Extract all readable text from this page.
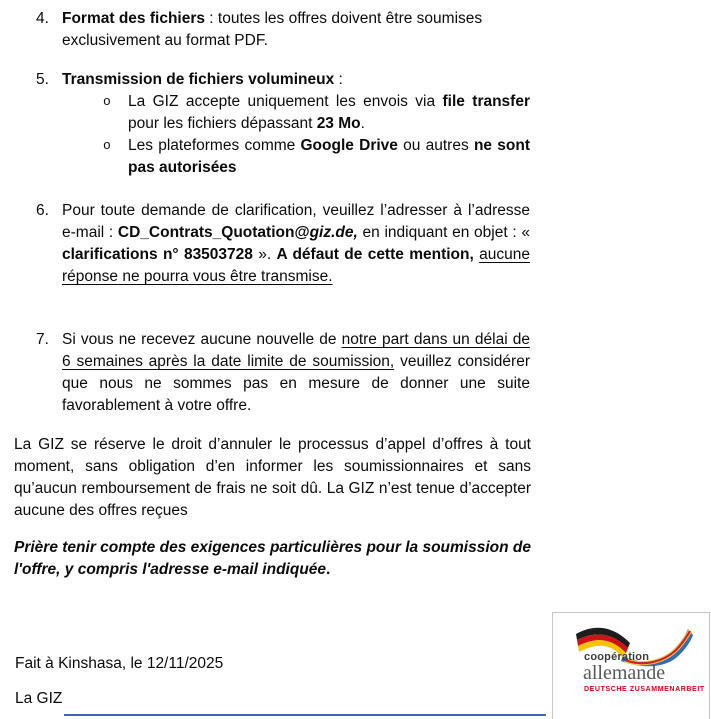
4. Format des fichiers : toutes les offres doivent être soumises exclusivement au format PDF.
5. Transmission de fichiers volumineux :
o	La GIZ accepte uniquement les envois via file transfer pour les fichiers dépassant 23 Mo.
o	Les plateformes comme Google Drive ou autres ne sont pas autorisées
6. Pour toute demande de clarification, veuillez l’adresser à l’adresse e-mail : CD_Contrats_Quotation@giz.de, en indiquant en objet : « clarifications n° 83503728 ». A défaut de cette mention, aucune réponse ne pourra vous être transmise.
7. Si vous ne recevez aucune nouvelle de notre part dans un délai de 6 semaines après la date limite de soumission, veuillez considérer que nous ne sommes pas en mesure de donner une suite favorablement à votre offre.
La GIZ se réserve le droit d’annuler le processus d’appel d’offres à tout moment, sans obligation d’en informer les soumissionnaires et sans qu’aucun remboursement de frais ne soit dû. La GIZ n’est tenue d’accepter aucune des offres reçues
Prière tenir compte des exigences particulières pour la soumission de l'offre, y compris l'adresse e-mail indiquée.
Fait à Kinshasa, le 12/11/2025
La GIZ
coopération
allemande
DEUTSCHE ZUSAMMENARBEIT
